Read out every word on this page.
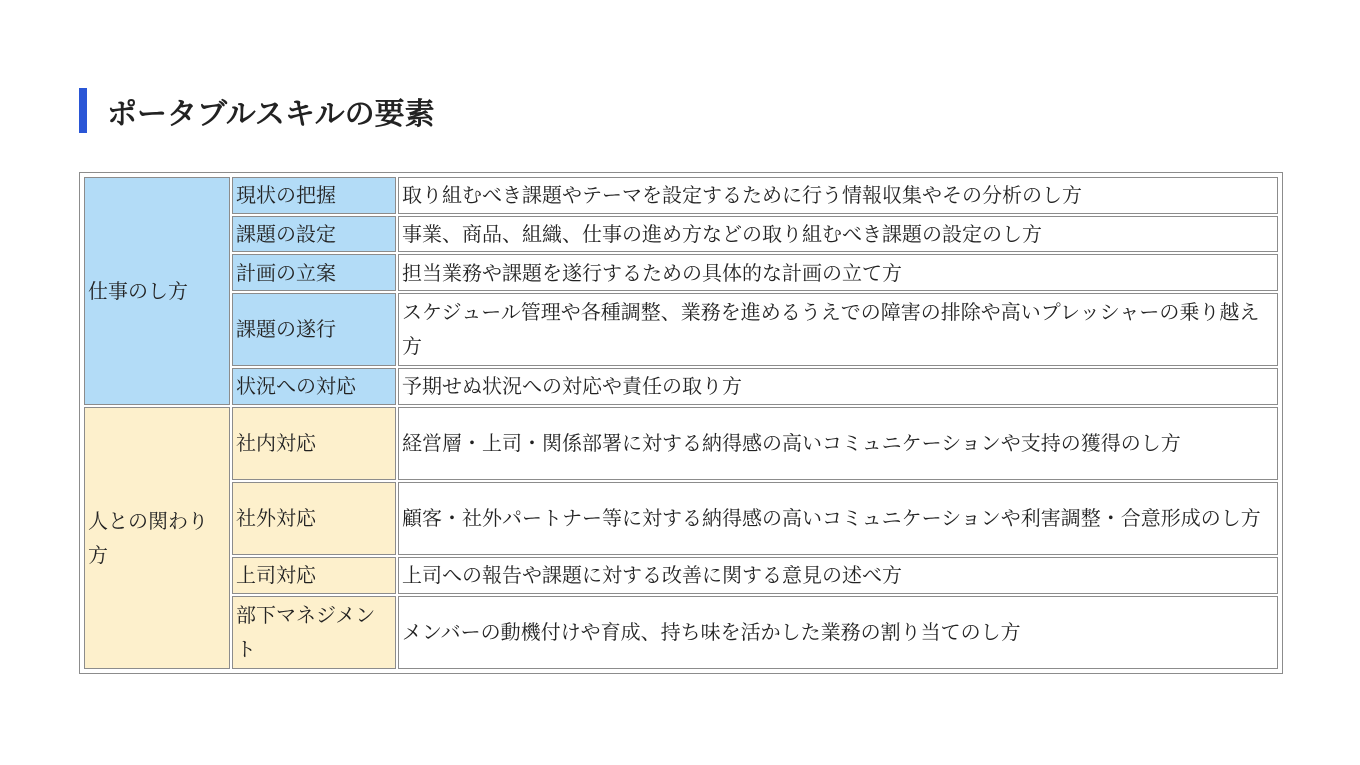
ポータブルスキルの要素
仕事のし方	現状の把握	取り組むべき課題やテーマを設定するために行う情報収集やその分析のし方
	課題の設定	事業、商品、組織、仕事の進め方などの取り組むべき課題の設定のし方
	計画の立案	担当業務や課題を遂行するための具体的な計画の立て方
	課題の遂行	スケジュール管理や各種調整、業務を進めるうえでの障害の排除や高いプレッシャーの乗り越え方
	状況への対応	予期せぬ状況への対応や責任の取り方
人との関わり方	社内対応	経営層・上司・関係部署に対する納得感の高いコミュニケーションや支持の獲得のし方
	社外対応	顧客・社外パートナー等に対する納得感の高いコミュニケーションや利害調整・合意形成のし方
	上司対応	上司への報告や課題に対する改善に関する意見の述べ方
	部下マネジメント	メンバーの動機付けや育成、持ち味を活かした業務の割り当てのし方
